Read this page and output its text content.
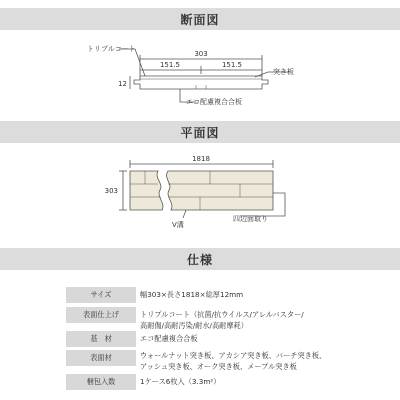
断面図
平面図
仕様
303
151.5	151.5
12
トリプルコート
突き板
エコ配慮複合合板
1818
303
V溝
四辺面取り
サイズ	幅303×長さ1818×総厚12mm
表面仕上げ	トリプルコート（抗菌/抗ウイルス/アレルバスター/
高耐傷/高耐汚染/耐水/高耐摩耗）
基　材	エコ配慮複合合板
表面材	ウォールナット突き板、アカシア突き板、バーチ突き板、
アッシュ突き板、オーク突き板、メープル突き板
梱包入数	1ケース6枚入（3.3m²）
